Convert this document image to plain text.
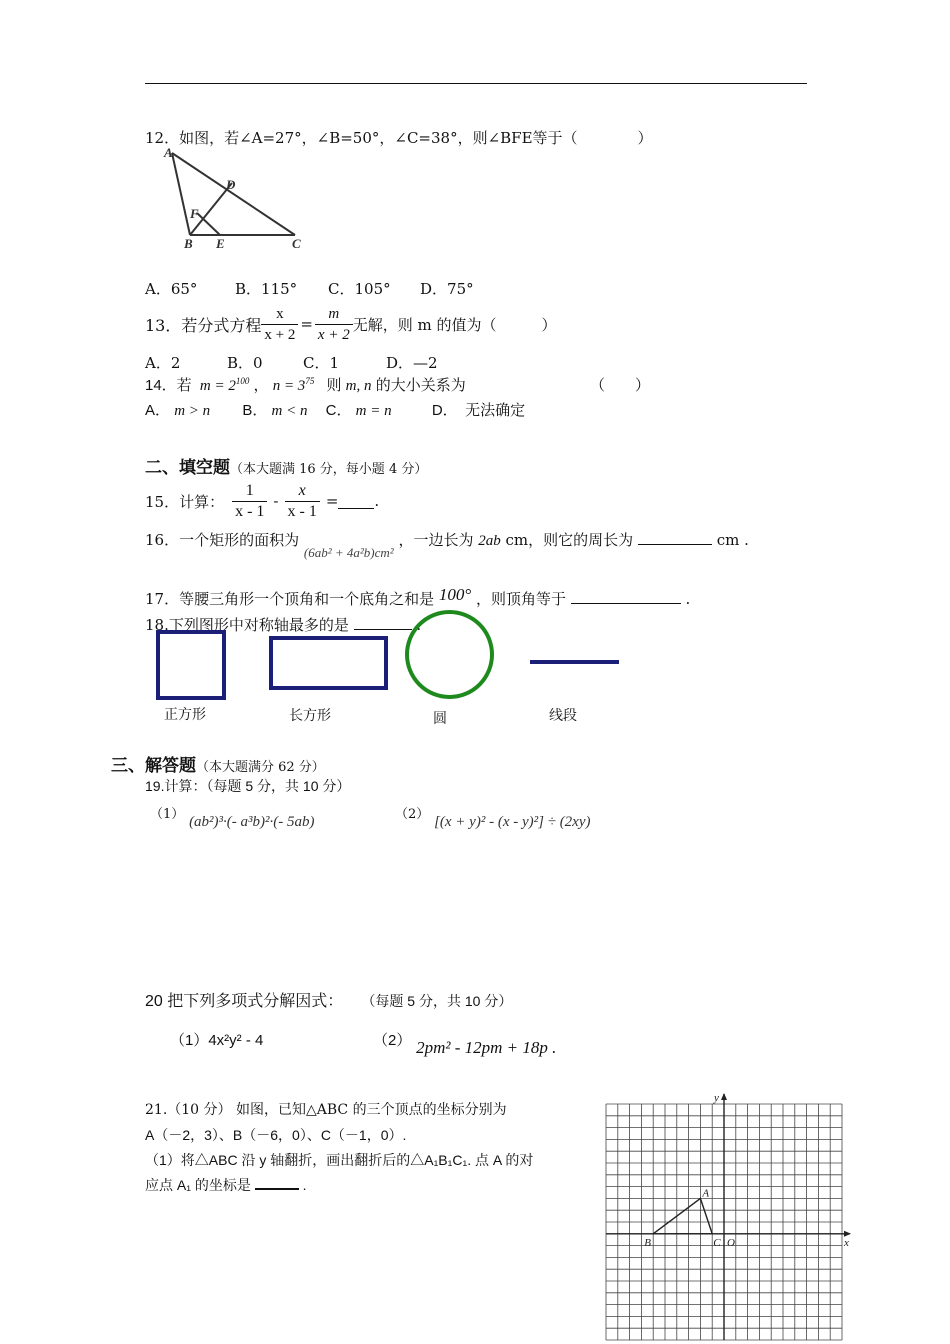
12．如图，若∠A=27°，∠B=50°，∠C=38°，则∠BFE等于（　　　　）
A
D
F
B E	C
A．65°	B．115° C．105° D．75°
13．若分式方程 $\frac{x}{x + 2} = \frac{m}{x + 2}$ 无解，则 m 的值为（　　　）
A．2	B．0	C．1	D．—2
14．若 $m = 2^{100}$ ， $n = 3^{75}$ 则 m, n 的大小关系为	（　　）
A． m > n B． m < n C． m = n	D．　无法确定
二、填空题（本大题满 16 分，每小题 4 分）
15．计算： $\frac{1}{x - 1} - \frac{x}{x - 1}$ = .
16．一个矩形的面积为 (6ab² + 4a²b)cm² ，一边长为 2ab cm，则它的周长为	cm .
17．等腰三角形一个顶角和一个底角之和是 100° ，则顶角等于	.
18.下列图形中对称轴最多的是	.
正方形	长方形	圆	线段
三、解答题（本大题满分 62 分）
19.计算：（每题 5 分，共 10 分）
（1） (ab²)³·(- a³b)²·(- 5ab)	（2） [(x + y)² - (x - y)²] ÷ (2xy)
20 把下列多项式分解因式： （每题 5 分，共 10 分）
（1）4x²y² - 4	（2） 2pm² - 12pm + 18p .
21.（10 分） 如图，已知△ABC 的三个顶点的坐标分别为
A（－2，3）、B（－6，0）、C（－1，0）.
（1）将△ABC 沿 y 轴翻折，画出翻折后的△A₁B₁C₁. 点 A 的对
应点 A₁ 的坐标是	.
y
x
A
B	C O
